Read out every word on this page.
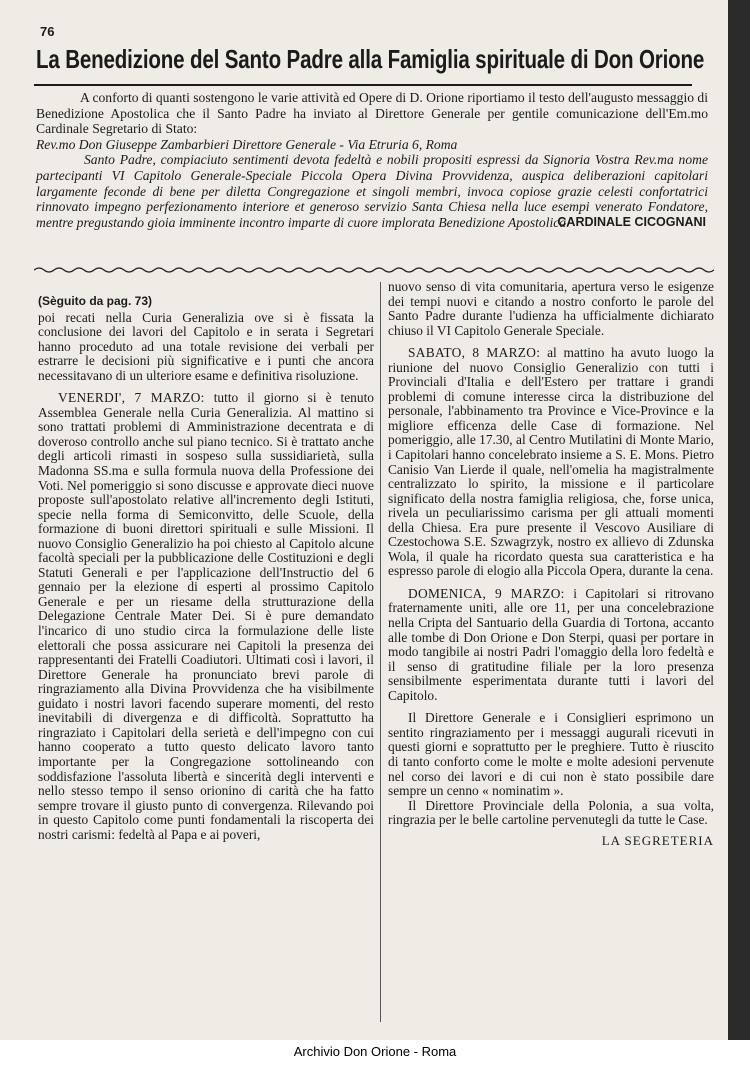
76
La Benedizione del Santo Padre alla Famiglia spirituale di Don Orione

A conforto di quanti sostengono le varie attività ed Opere di D. Orione riportiamo il testo dell'augusto messaggio di Benedizione Apostolica che il Santo Padre ha inviato al Direttore Generale per gentile comunicazione dell'Em.mo Cardinale Segretario di Stato:

Rev.mo Don Giuseppe Zambarbieri Direttore Generale - Via Etruria 6, Roma

Santo Padre, compiaciuto sentimenti devota fedeltà e nobili propositi espressi da Signoria Vostra Rev.ma nome partecipanti VI Capitolo Generale-Speciale Piccola Opera Divina Provvidenza, auspica deliberazioni capitolari largamente feconde di bene per diletta Congregazione et singoli membri, invoca copiose grazie celesti confortatrici rinnovato impegno perfezionamento interiore et generoso servizio Santa Chiesa nella luce esempi venerato Fondatore, mentre pregustando gioia imminente incontro imparte di cuore implorata Benedizione Apostolica.

CARDINALE CICOGNANI

(Sèguito da pag. 73)

poi recati nella Curia Generalizia ove si è fissata la conclusione dei lavori del Capitolo e in serata i Segretari hanno proceduto ad una totale revisione dei verbali per estrarre le decisioni più significative e i punti che ancora necessitavano di un ulteriore esame e definitiva risoluzione.

VENERDI', 7 MARZO: tutto il giorno si è tenuto Assemblea Generale nella Curia Generalizia. Al mattino si sono trattati problemi di Amministrazione decentrata e di doveroso controllo anche sul piano tecnico. Si è trattato anche degli articoli rimasti in sospeso sulla sussidiarietà, sulla Madonna SS.ma e sulla formula nuova della Professione dei Voti. Nel pomeriggio si sono discusse e approvate dieci nuove proposte sull'apostolato relative all'incremento degli Istituti, specie nella forma di Semiconvitto, delle Scuole, della formazione di buoni direttori spirituali e sulle Missioni. Il nuovo Consiglio Generalizio ha poi chiesto al Capitolo alcune facoltà speciali per la pubblicazione delle Costituzioni e degli Statuti Generali e per l'applicazione dell'Instructio del 6 gennaio per la elezione di esperti al prossimo Capitolo Generale e per un riesame della strutturazione della Delegazione Centrale Mater Dei. Si è pure demandato l'incarico di uno studio circa la formulazione delle liste elettorali che possa assicurare nei Capitoli la presenza dei rappresentanti dei Fratelli Coadiutori. Ultimati così i lavori, il Direttore Generale ha pronunciato brevi parole di ringraziamento alla Divina Provvidenza che ha visibilmente guidato i nostri lavori facendo superare momenti, del resto inevitabili di divergenza e di difficoltà. Soprattutto ha ringraziato i Capitolari della serietà e dell'impegno con cui hanno cooperato a tutto questo delicato lavoro tanto importante per la Congregazione sottolineando con soddisfazione l'assoluta libertà e sincerità degli interventi e nello stesso tempo il senso orionino di carità che ha fatto sempre trovare il giusto punto di convergenza. Rilevando poi in questo Capitolo come punti fondamentali la riscoperta dei nostri carismi: fedeltà al Papa e ai poveri,

nuovo senso di vita comunitaria, apertura verso le esigenze dei tempi nuovi e citando a nostro conforto le parole del Santo Padre durante l'udienza ha ufficialmente dichiarato chiuso il VI Capitolo Generale Speciale.

SABATO, 8 MARZO: al mattino ha avuto luogo la riunione del nuovo Consiglio Generalizio con tutti i Provinciali d'Italia e dell'Estero per trattare i grandi problemi di comune interesse circa la distribuzione del personale, l'abbinamento tra Province e Vice-Province e la migliore efficenza delle Case di formazione. Nel pomeriggio, alle 17.30, al Centro Mutilatini di Monte Mario, i Capitolari hanno concelebrato insieme a S. E. Mons. Pietro Canisio Van Lierde il quale, nell'omelia ha magistralmente centralizzato lo spirito, la missione e il particolare significato della nostra famiglia religiosa, che, forse unica, rivela un peculiarissimo carisma per gli attuali momenti della Chiesa. Era pure presente il Vescovo Ausiliare di Czestochowa S.E. Szwagrzyk, nostro ex allievo di Zdunska Wola, il quale ha ricordato questa sua caratteristica e ha espresso parole di elogio alla Piccola Opera, durante la cena.

DOMENICA, 9 MARZO: i Capitolari si ritrovano fraternamente uniti, alle ore 11, per una concelebrazione nella Cripta del Santuario della Guardia di Tortona, accanto alle tombe di Don Orione e Don Sterpi, quasi per portare in modo tangibile ai nostri Padri l'omaggio della loro fedeltà e il senso di gratitudine filiale per la loro presenza sensibilmente esperimentata durante tutti i lavori del Capitolo.

Il Direttore Generale e i Consiglieri esprimono un sentito ringraziamento per i messaggi augurali ricevuti in questi giorni e soprattutto per le preghiere. Tutto è riuscito di tanto conforto come le molte e molte adesioni pervenute nel corso dei lavori e di cui non è stato possibile dare sempre un cenno « nominatim ».

Il Direttore Provinciale della Polonia, a sua volta, ringrazia per le belle cartoline pervenutegli da tutte le Case.

LA SEGRETERIA

Archivio Don Orione - Roma
